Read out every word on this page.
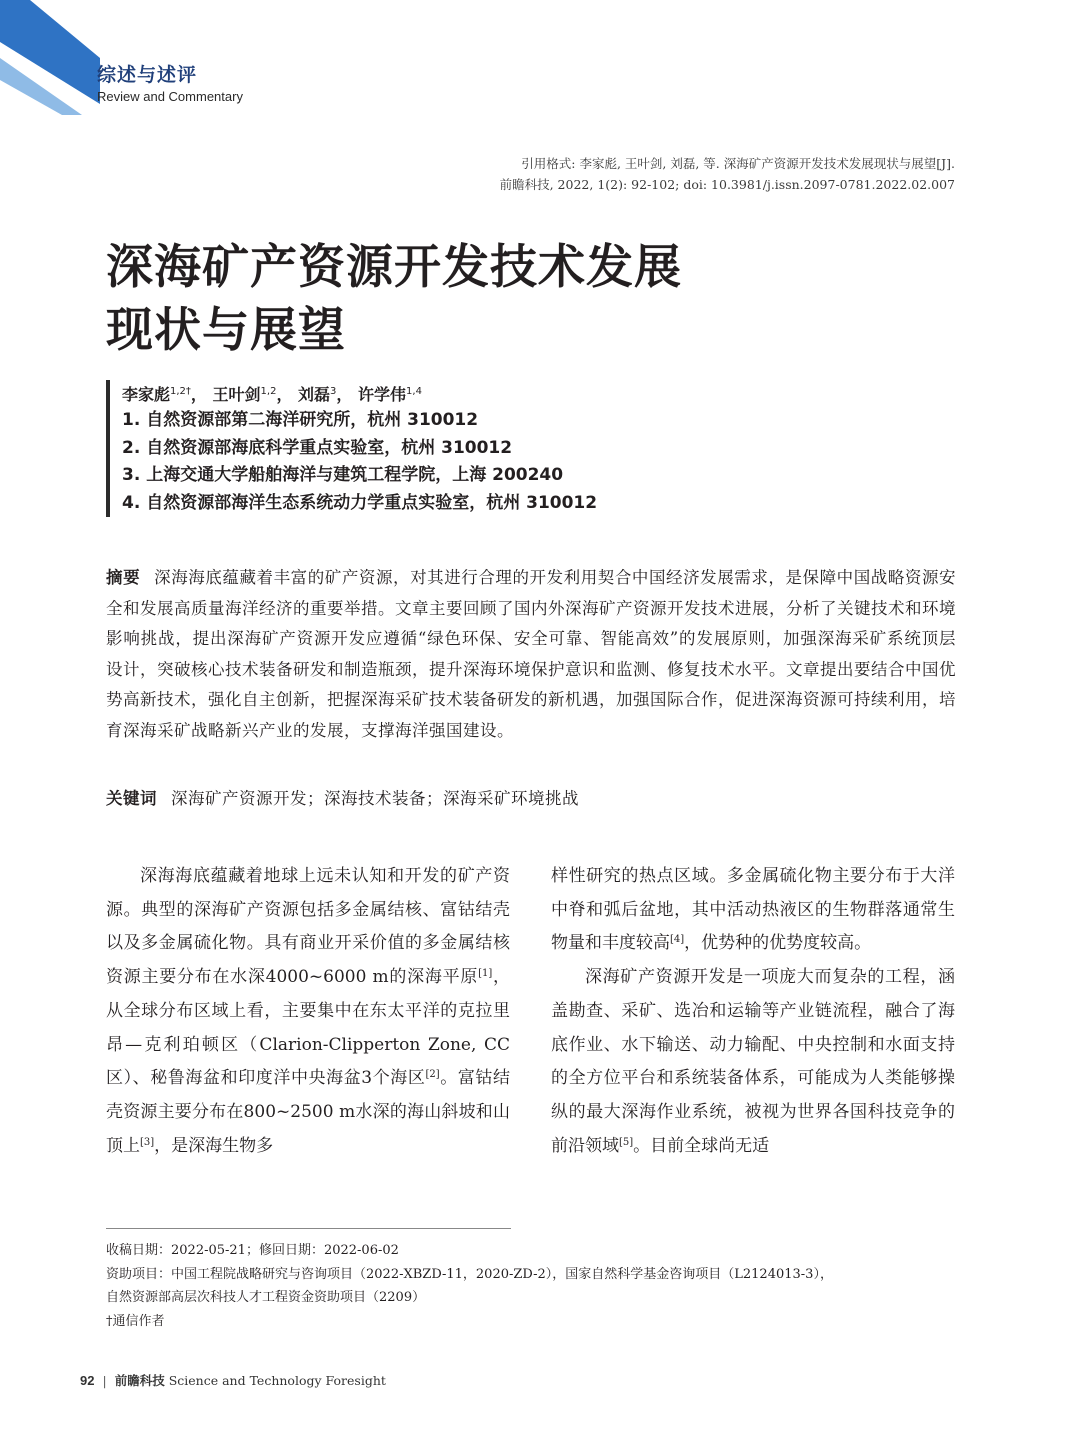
综述与述评
Review and Commentary
引用格式: 李家彪, 王叶剑, 刘磊, 等. 深海矿产资源开发技术发展现状与展望[J].
前瞻科技, 2022, 1(2): 92-102; doi: 10.3981/j.issn.2097-0781.2022.02.007
深海矿产资源开发技术发展
现状与展望
李家彪$^{1,2\dagger}$， 王叶剑$^{1,2}$， 刘磊$^3$， 许学伟$^{1,4}$
1. 自然资源部第二海洋研究所，杭州 310012
2. 自然资源部海底科学重点实验室，杭州 310012
3. 上海交通大学船舶海洋与建筑工程学院，上海 200240
4. 自然资源部海洋生态系统动力学重点实验室，杭州 310012
摘要 深海海底蕴藏着丰富的矿产资源，对其进行合理的开发利用契合中国经济发展需求，是保障中国战略资源安全和发展高质量海洋经济的重要举措。文章主要回顾了国内外深海矿产资源开发技术进展，分析了关键技术和环境影响挑战，提出深海矿产资源开发应遵循“绿色环保、安全可靠、智能高效”的发展原则，加强深海采矿系统顶层设计，突破核心技术装备研发和制造瓶颈，提升深海环境保护意识和监测、修复技术水平。文章提出要结合中国优势高新技术，强化自主创新，把握深海采矿技术装备研发的新机遇，加强国际合作，促进深海资源可持续利用，培育深海采矿战略新兴产业的发展，支撑海洋强国建设。
关键词 深海矿产资源开发；深海技术装备；深海采矿环境挑战
深海海底蕴藏着地球上远未认知和开发的矿产资源。典型的深海矿产资源包括多金属结核、富钴结壳以及多金属硫化物。具有商业开采价值的多金属结核资源主要分布在水深4000~6000 m的深海平原[1]，从全球分布区域上看，主要集中在东太平洋的克拉里昂—克利珀顿区（Clarion-Clipperton Zone, CC区）、秘鲁海盆和印度洋中央海盆3个海区[2]。富钴结壳资源主要分布在800~2500 m水深的海山斜坡和山顶上[3]，是深海生物多
样性研究的热点区域。多金属硫化物主要分布于大洋中脊和弧后盆地，其中活动热液区的生物群落通常生物量和丰度较高[4]，优势种的优势度较高。
深海矿产资源开发是一项庞大而复杂的工程，涵盖勘查、采矿、选冶和运输等产业链流程，融合了海底作业、水下输送、动力输配、中央控制和水面支持的全方位平台和系统装备体系，可能成为人类能够操纵的最大深海作业系统，被视为世界各国科技竞争的前沿领域[5]。目前全球尚无适
收稿日期：2022-05-21；修回日期：2022-06-02
资助项目：中国工程院战略研究与咨询项目（2022-XBZD-11，2020-ZD-2），国家自然科学基金咨询项目（L2124013-3），
自然资源部高层次科技人才工程资金资助项目（2209）
†通信作者
92 | 前瞻科技 Science and Technology Foresight
